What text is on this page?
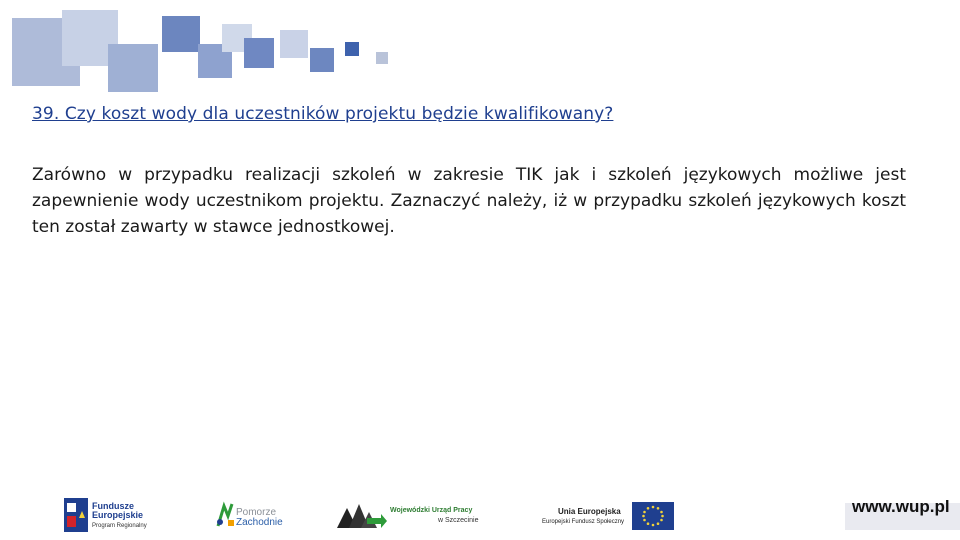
39. Czy koszt wody dla uczestników projektu będzie kwalifikowany?
Zarówno w przypadku realizacji szkoleń w zakresie TIK jak i szkoleń językowych możliwe jest zapewnienie wody uczestnikom projektu. Zaznaczyć należy, iż w przypadku szkoleń językowych koszt ten został zawarty w stawce jednostkowej.
Fundusze
Europejskie
Program Regionalny
Pomorze
Zachodnie
Wojewódzki Urząd Pracy
w Szczecinie
Unia Europejska
Europejski Fundusz Społeczny
www.wup.pl
